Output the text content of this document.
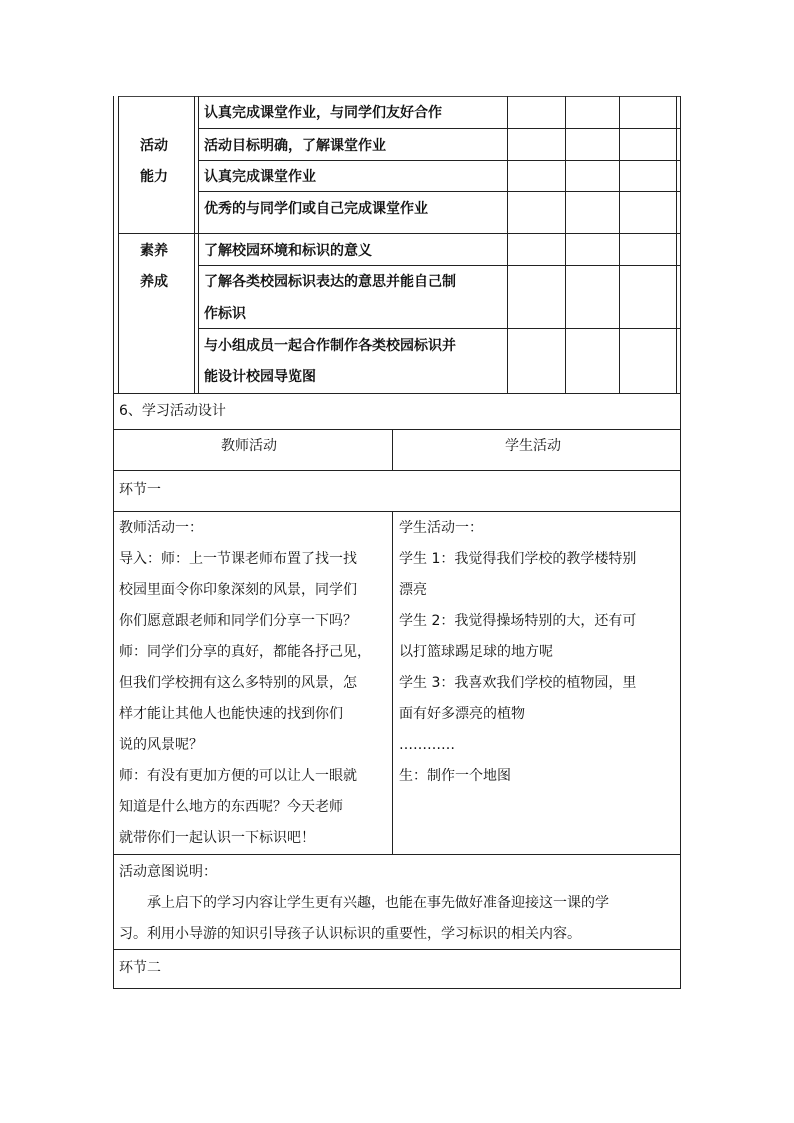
活动
能力
素养
养成
认真完成课堂作业，与同学们友好合作
活动目标明确，了解课堂作业
认真完成课堂作业
优秀的与同学们或自己完成课堂作业
了解校园环境和标识的意义
了解各类校园标识表达的意思并能自己制
作标识
与小组成员一起合作制作各类校园标识并
能设计校园导览图
6、学习活动设计
教师活动	学生活动
环节一
教师活动一：
导入：师：上一节课老师布置了找一找
校园里面令你印象深刻的风景，同学们
你们愿意跟老师和同学们分享一下吗？
师：同学们分享的真好，都能各抒己见，
但我们学校拥有这么多特别的风景，怎
样才能让其他人也能快速的找到你们
说的风景呢？
师：有没有更加方便的可以让人一眼就
知道是什么地方的东西呢？今天老师
就带你们一起认识一下标识吧！
学生活动一：
学生 1：我觉得我们学校的教学楼特别
漂亮
学生 2：我觉得操场特别的大，还有可
以打篮球踢足球的地方呢
学生 3：我喜欢我们学校的植物园，里
面有好多漂亮的植物
…………
生：制作一个地图
活动意图说明：
承上启下的学习内容让学生更有兴趣，也能在事先做好准备迎接这一课的学
习。利用小导游的知识引导孩子认识标识的重要性，学习标识的相关内容。
环节二
